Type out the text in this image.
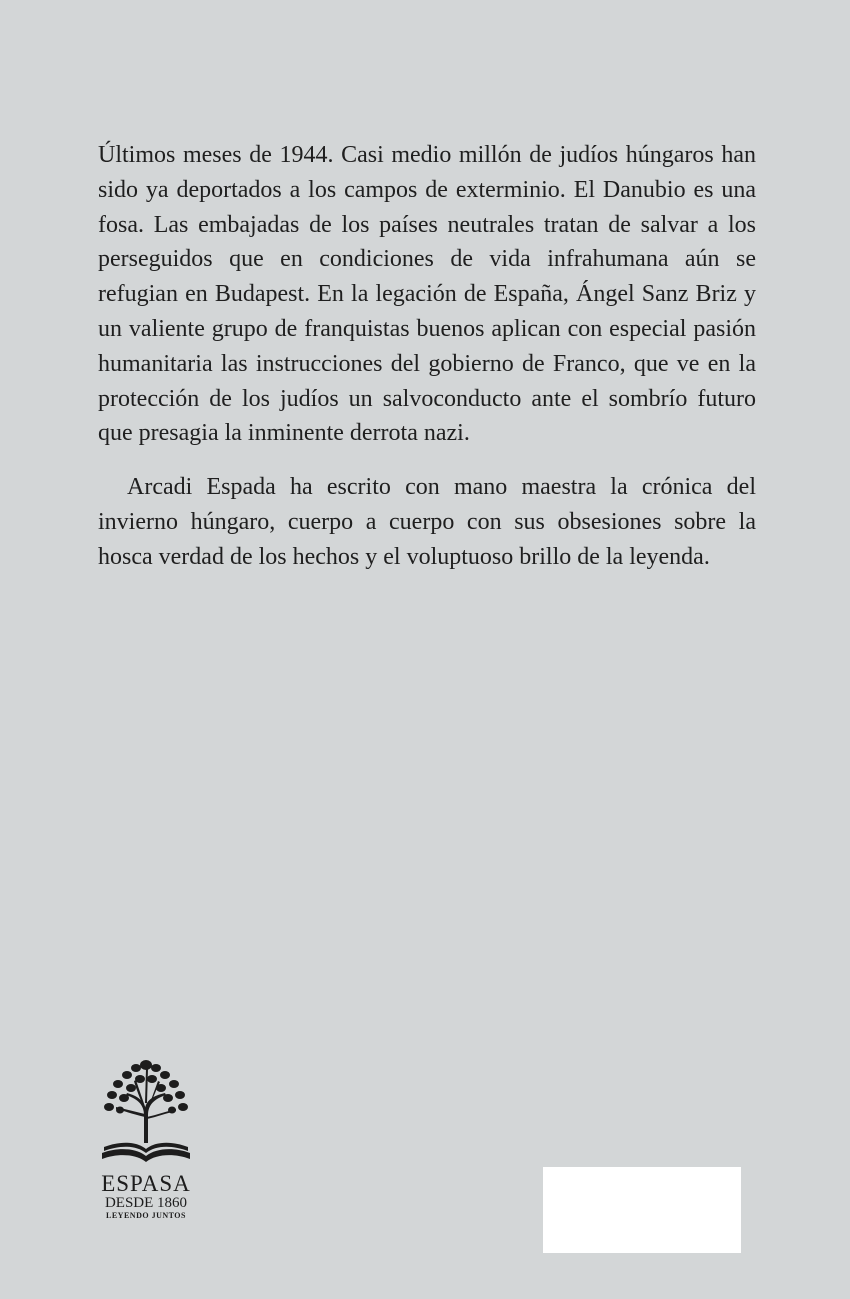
Últimos meses de 1944. Casi medio millón de judíos húngaros han sido ya deportados a los campos de exterminio. El Danubio es una fosa. Las embajadas de los países neutrales tratan de salvar a los perseguidos que en condiciones de vida infrahumana aún se refugian en Budapest. En la legación de España, Ángel Sanz Briz y un valiente grupo de franquistas buenos aplican con especial pasión humanitaria las instrucciones del gobierno de Franco, que ve en la protección de los judíos un salvoconducto ante el sombrío futuro que presagia la inminente derrota nazi.

Arcadi Espada ha escrito con mano maestra la crónica del invierno húngaro, cuerpo a cuerpo con sus obsesiones sobre la hosca verdad de los hechos y el voluptuoso brillo de la leyenda.

ESPASA
DESDE 1860
LEYENDO JUNTOS
